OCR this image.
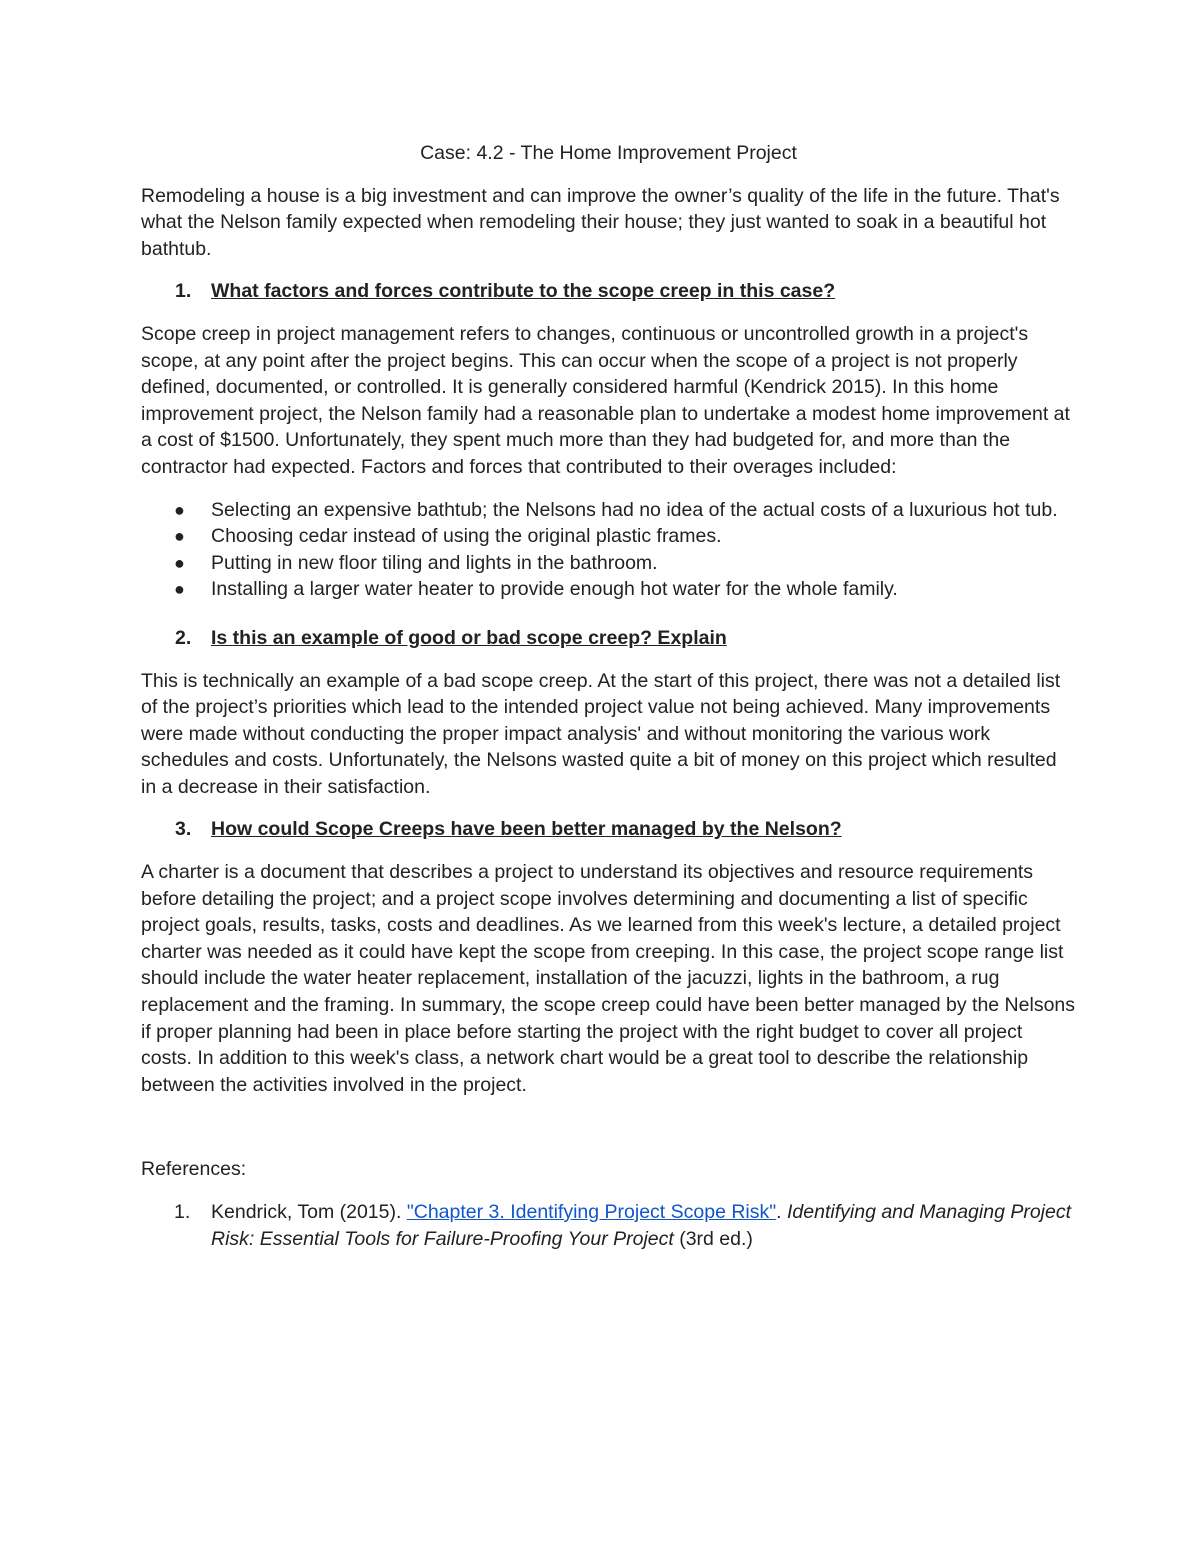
Case: 4.2 - The Home Improvement Project

Remodeling a house is a big investment and can improve the owner’s quality of the life in the future. That's what the Nelson family expected when remodeling their house; they just wanted to soak in a beautiful hot bathtub.

1.	What factors and forces contribute to the scope creep in this case?

Scope creep in project management refers to changes, continuous or uncontrolled growth in a project's scope, at any point after the project begins. This can occur when the scope of a project is not properly defined, documented, or controlled. It is generally considered harmful (Kendrick 2015). In this home improvement project, the Nelson family had a reasonable plan to undertake a modest home improvement at a cost of $1500. Unfortunately, they spent much more than they had budgeted for, and more than the contractor had expected. Factors and forces that contributed to their overages included:

●	Selecting an expensive bathtub; the Nelsons had no idea of the actual costs of a luxurious hot tub.
●	Choosing cedar instead of using the original plastic frames.
●	Putting in new floor tiling and lights in the bathroom.
●	Installing a larger water heater to provide enough hot water for the whole family.
2.	Is this an example of good or bad scope creep? Explain

This is technically an example of a bad scope creep. At the start of this project, there was not a detailed list of the project’s priorities which lead to the intended project value not being achieved. Many improvements were made without conducting the proper impact analysis' and without monitoring the various work schedules and costs. Unfortunately, the Nelsons wasted quite a bit of money on this project which resulted in a decrease in their satisfaction.

3.	How could Scope Creeps have been better managed by the Nelson?

A charter is a document that describes a project to understand its objectives and resource requirements before detailing the project; and a project scope involves determining and documenting a list of specific project goals, results, tasks, costs and deadlines. As we learned from this week's lecture, a detailed project charter was needed as it could have kept the scope from creeping. In this case, the project scope range list should include the water heater replacement, installation of the jacuzzi, lights in the bathroom, a rug replacement and the framing. In summary, the scope creep could have been better managed by the Nelsons if proper planning had been in place before starting the project with the right budget to cover all project costs. In addition to this week's class, a network chart would be a great tool to describe the relationship between the activities involved in the project.

References:

1.	Kendrick, Tom (2015). "Chapter 3. Identifying Project Scope Risk". Identifying and Managing Project Risk: Essential Tools for Failure-Proofing Your Project (3rd ed.)
